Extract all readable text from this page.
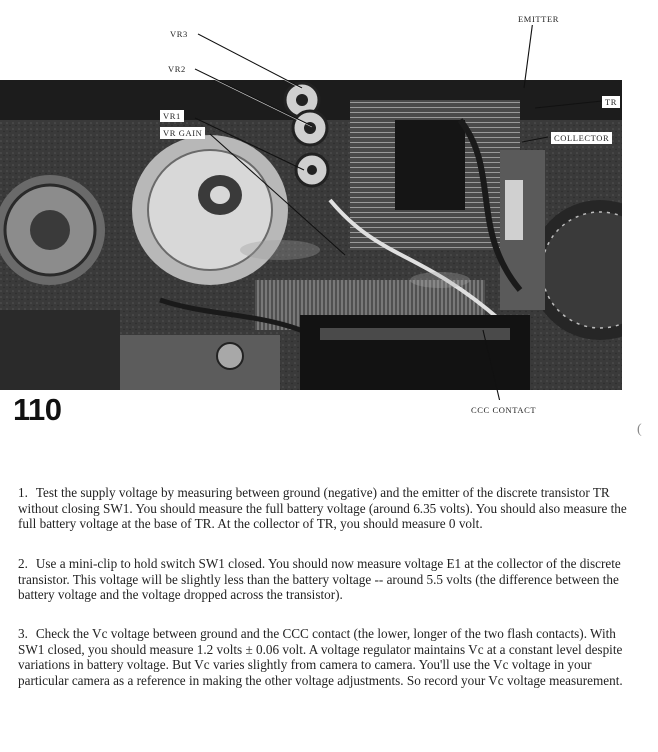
VR3
VR2
VR1
VR GAIN
EMITTER
TR
COLLECTOR
CCC CONTACT
110
(

1. Test the supply voltage by measuring between ground (negative) and the emitter of the discrete transistor TR without closing SW1. You should measure the full battery voltage (around 6.35 volts). You should also measure the full battery voltage at the base of TR. At the collector of TR, you should measure 0 volt.

2. Use a mini-clip to hold switch SW1 closed. You should now measure voltage E1 at the collector of the discrete transistor. This voltage will be slightly less than the battery voltage -- around 5.5 volts (the difference between the battery voltage and the voltage dropped across the transistor).

3. Check the Vc voltage between ground and the CCC contact (the lower, longer of the two flash contacts). With SW1 closed, you should measure 1.2 volts ± 0.06 volt. A voltage regulator maintains Vc at a constant level despite variations in battery voltage. But Vc varies slightly from camera to camera. You'll use the Vc voltage in your particular camera as a reference in making the other voltage adjustments. So record your Vc voltage measurement.
